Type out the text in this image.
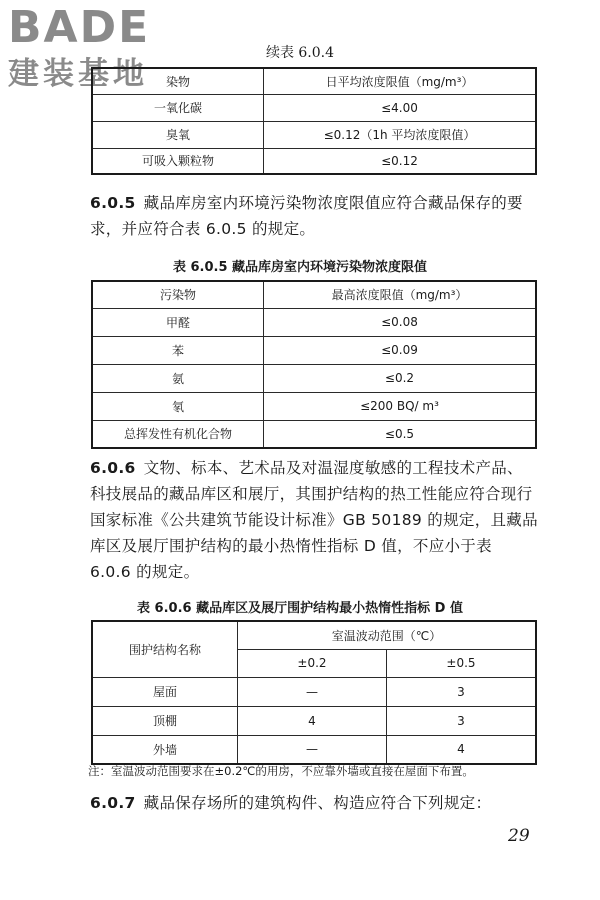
BADE
建装基地
续表 6.0.4
染物	日平均浓度限值（mg/m³）
一氧化碳	≤4.00
臭氧	≤0.12（1h 平均浓度限值）
可吸入颗粒物	≤0.12
6.0.5 藏品库房室内环境污染物浓度限值应符合藏品保存的要求，并应符合表 6.0.5 的规定。
表 6.0.5 藏品库房室内环境污染物浓度限值
污染物	最高浓度限值（mg/m³）
甲醛	≤0.08
苯	≤0.09
氨	≤0.2
氡	≤200 BQ/ m³
总挥发性有机化合物	≤0.5
6.0.6 文物、标本、艺术品及对温湿度敏感的工程技术产品、科技展品的藏品库区和展厅，其围护结构的热工性能应符合现行国家标准《公共建筑节能设计标准》GB 50189 的规定，且藏品库区及展厅围护结构的最小热惰性指标 D 值，不应小于表 6.0.6 的规定。
表 6.0.6 藏品库区及展厅围护结构最小热惰性指标 D 值
围护结构名称	室温波动范围（℃）	
	±0.2	±0.5
屋面	—	3
顶棚	4	3
外墙	—	4
注：室温波动范围要求在±0.2℃的用房，不应靠外墙或直接在屋面下布置。
6.0.7 藏品保存场所的建筑构件、构造应符合下列规定：
29
